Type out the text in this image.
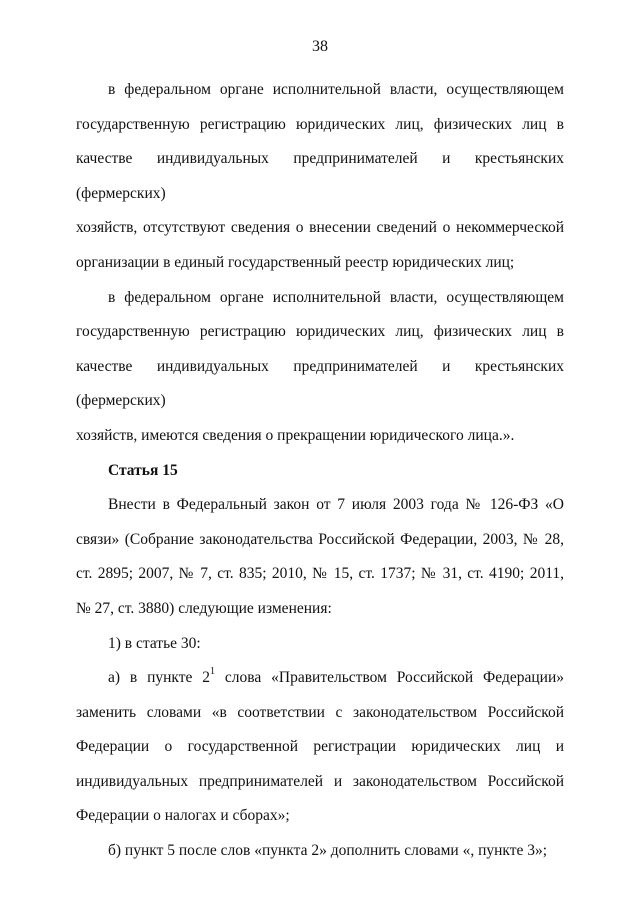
38
в федеральном органе исполнительной власти, осуществляющем
государственную регистрацию юридических лиц, физических лиц в
качестве индивидуальных предпринимателей и крестьянских (фермерских)
хозяйств, отсутствуют сведения о внесении сведений о некоммерческой
организации в единый государственный реестр юридических лиц;
в федеральном органе исполнительной власти, осуществляющем
государственную регистрацию юридических лиц, физических лиц в
качестве индивидуальных предпринимателей и крестьянских (фермерских)
хозяйств, имеются сведения о прекращении юридического лица.».
Статья 15
Внести в Федеральный закон от 7 июля 2003 года № 126-ФЗ «О
связи» (Собрание законодательства Российской Федерации, 2003, № 28,
ст. 2895; 2007, № 7, ст. 835; 2010, № 15, ст. 1737; № 31, ст. 4190; 2011,
№ 27, ст. 3880) следующие изменения:
1) в статье 30:
а) в пункте $2^1$ слова «Правительством Российской Федерации»
заменить словами «в соответствии с законодательством Российской
Федерации о государственной регистрации юридических лиц и
индивидуальных предпринимателей и законодательством Российской
Федерации о налогах и сборах»;
б) пункт 5 после слов «пункта 2» дополнить словами «, пункте 3»;
